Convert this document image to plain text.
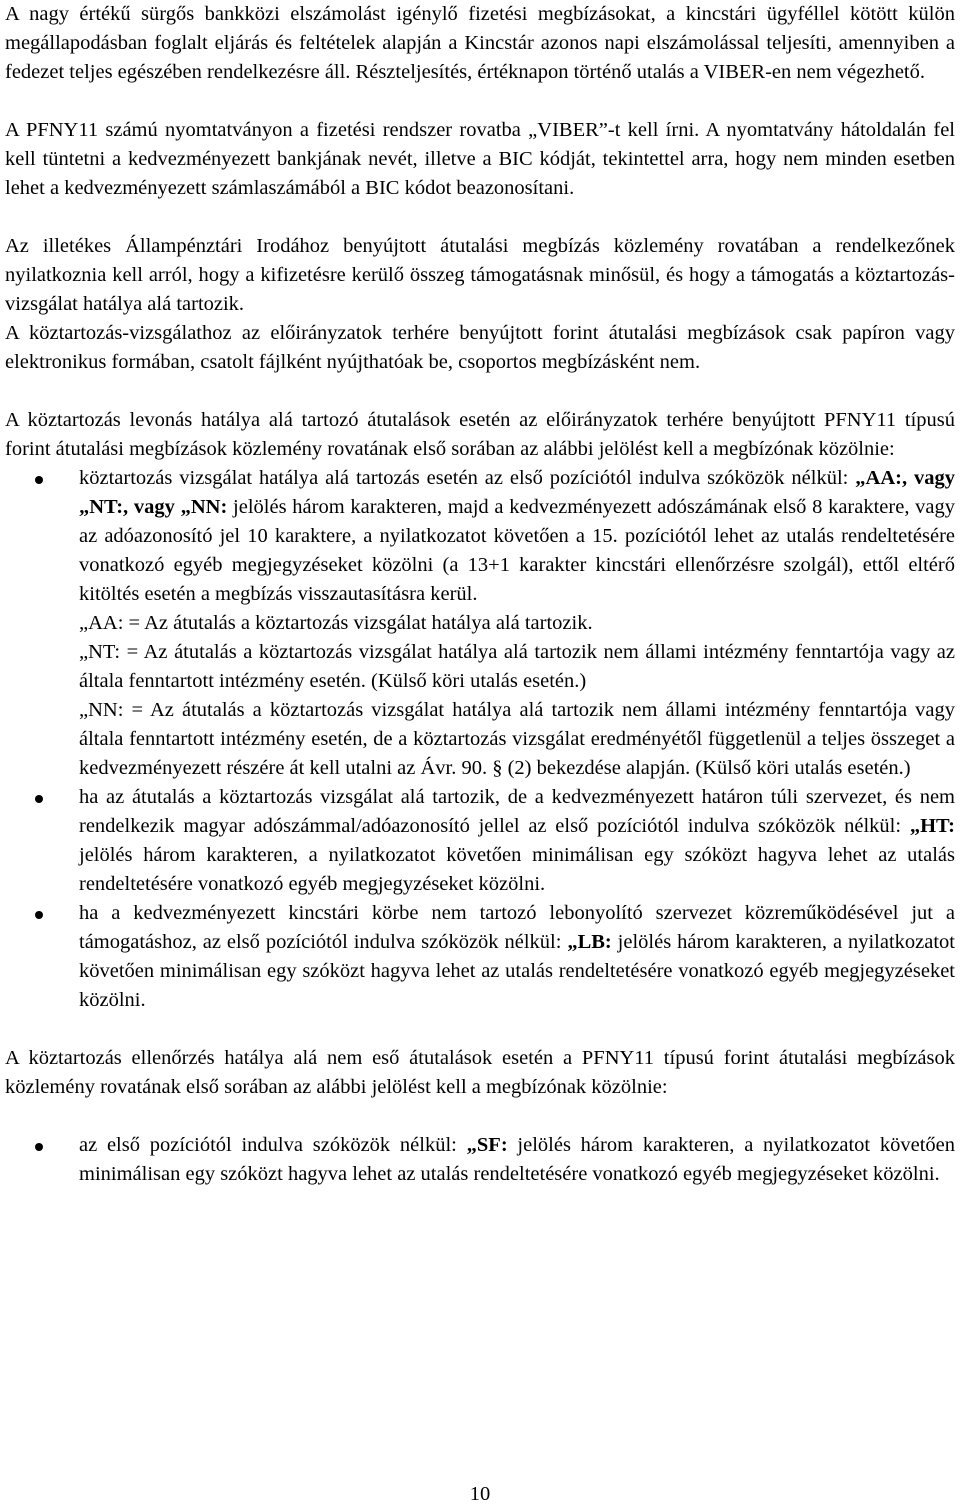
A nagy értékű sürgős bankközi elszámolást igénylő fizetési megbízásokat, a kincstári ügyféllel kötött külön megállapodásban foglalt eljárás és feltételek alapján a Kincstár azonos napi elszámolással teljesíti, amennyiben a fedezet teljes egészében rendelkezésre áll. Részteljesítés, értéknapon történő utalás a VIBER-en nem végezhető.

A PFNY11 számú nyomtatványon a fizetési rendszer rovatba „VIBER”-t kell írni. A nyomtatvány hátoldalán fel kell tüntetni a kedvezményezett bankjának nevét, illetve a BIC kódját, tekintettel arra, hogy nem minden esetben lehet a kedvezményezett számlaszámából a BIC kódot beazonosítani.

Az illetékes Állampénztári Irodához benyújtott átutalási megbízás közlemény rovatában a rendelkezőnek nyilatkoznia kell arról, hogy a kifizetésre kerülő összeg támogatásnak minősül, és hogy a támogatás a köztartozás-vizsgálat hatálya alá tartozik.

A köztartozás-vizsgálathoz az előirányzatok terhére benyújtott forint átutalási megbízások csak papíron vagy elektronikus formában, csatolt fájlként nyújthatóak be, csoportos megbízásként nem.

A köztartozás levonás hatálya alá tartozó átutalások esetén az előirányzatok terhére benyújtott PFNY11 típusú forint átutalási megbízások közlemény rovatának első sorában az alábbi jelölést kell a megbízónak közölnie:

köztartozás vizsgálat hatálya alá tartozás esetén az első pozíciótól indulva szóközök nélkül: „AA:, vagy „NT:, vagy „NN: jelölés három karakteren, majd a kedvezményezett adószámának első 8 karaktere, vagy az adóazonosító jel 10 karaktere, a nyilatkozatot követően a 15. pozíciótól lehet az utalás rendeltetésére vonatkozó egyéb megjegyzéseket közölni (a 13+1 karakter kincstári ellenőrzésre szolgál), ettől eltérő kitöltés esetén a megbízás visszautasításra kerül.

„AA: = Az átutalás a köztartozás vizsgálat hatálya alá tartozik.

„NT: = Az átutalás a köztartozás vizsgálat hatálya alá tartozik nem állami intézmény fenntartója vagy az általa fenntartott intézmény esetén. (Külső köri utalás esetén.)

„NN: = Az átutalás a köztartozás vizsgálat hatálya alá tartozik nem állami intézmény fenntartója vagy általa fenntartott intézmény esetén, de a köztartozás vizsgálat eredményétől függetlenül a teljes összeget a kedvezményezett részére át kell utalni az Ávr. 90. § (2) bekezdése alapján. (Külső köri utalás esetén.)

ha az átutalás a köztartozás vizsgálat alá tartozik, de a kedvezményezett határon túli szervezet, és nem rendelkezik magyar adószámmal/adóazonosító jellel az első pozíciótól indulva szóközök nélkül: „HT: jelölés három karakteren, a nyilatkozatot követően minimálisan egy szóközt hagyva lehet az utalás rendeltetésére vonatkozó egyéb megjegyzéseket közölni.
ha a kedvezményezett kincstári körbe nem tartozó lebonyolító szervezet közreműködésével jut a támogatáshoz, az első pozíciótól indulva szóközök nélkül: „LB: jelölés három karakteren, a nyilatkozatot követően minimálisan egy szóközt hagyva lehet az utalás rendeltetésére vonatkozó egyéb megjegyzéseket közölni.

A köztartozás ellenőrzés hatálya alá nem eső átutalások esetén a PFNY11 típusú forint átutalási megbízások közlemény rovatának első sorában az alábbi jelölést kell a megbízónak közölnie:

az első pozíciótól indulva szóközök nélkül: „SF: jelölés három karakteren, a nyilatkozatot követően minimálisan egy szóközt hagyva lehet az utalás rendeltetésére vonatkozó egyéb megjegyzéseket közölni.
10
